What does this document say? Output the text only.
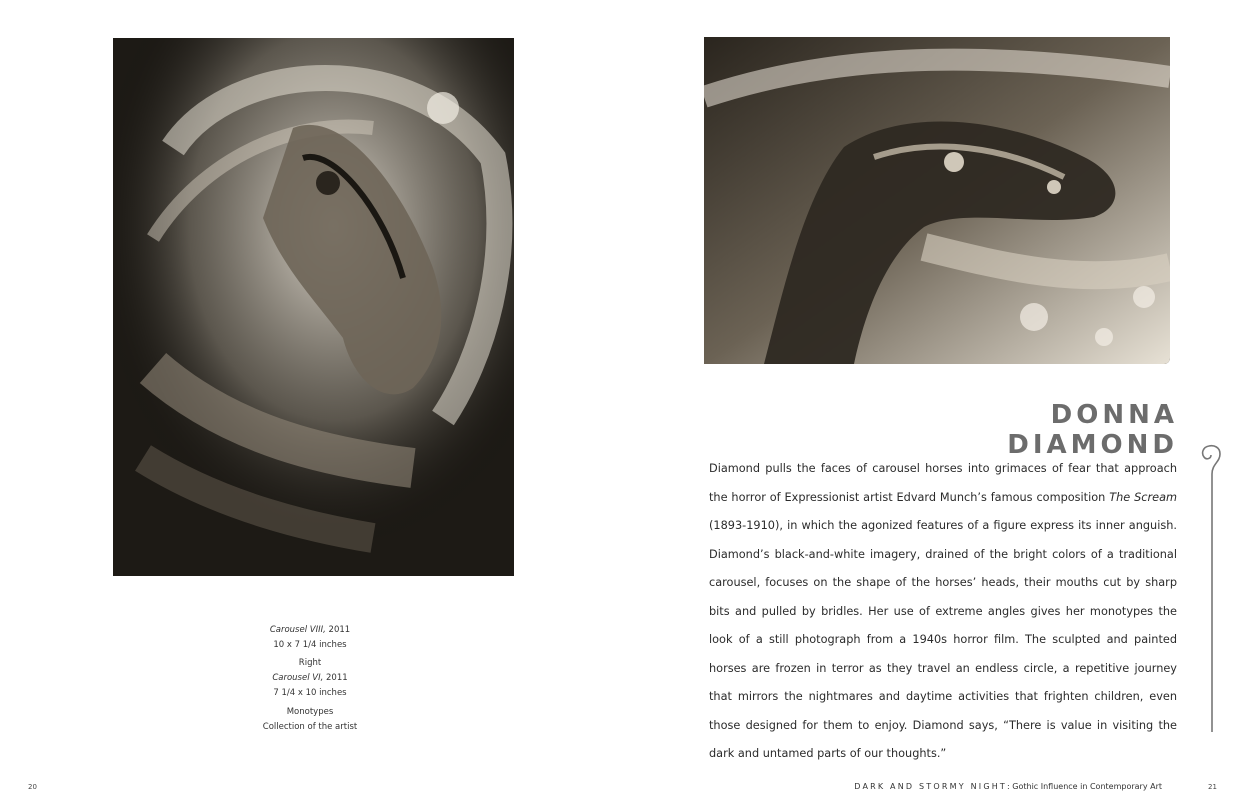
Carousel VIII, 2011
10 x 7 1/4 inches
Right
Carousel VI, 2011
7 1/4 x 10 inches
Monotypes
Collection of the artist
DONNA DIAMOND

Diamond pulls the faces of carousel horses into grimaces of fear that approach the horror of Expressionist artist Edvard Munch’s famous composition The Scream (1893-1910), in which the agonized features of a figure express its inner anguish. Diamond’s black-and-white imagery, drained of the bright colors of a traditional carousel, focuses on the shape of the horses’ heads, their mouths cut by sharp bits and pulled by bridles. Her use of extreme angles gives her monotypes the look of a still photograph from a 1940s horror film. The sculpted and painted horses are frozen in terror as they travel an endless circle, a repetitive journey that mirrors the nightmares and daytime activities that frighten children, even those designed for them to enjoy. Diamond says, “There is value in visiting the dark and untamed parts of our thoughts.”

20	DARK AND STORMY NIGHT: Gothic Influence in Contemporary Art	21
